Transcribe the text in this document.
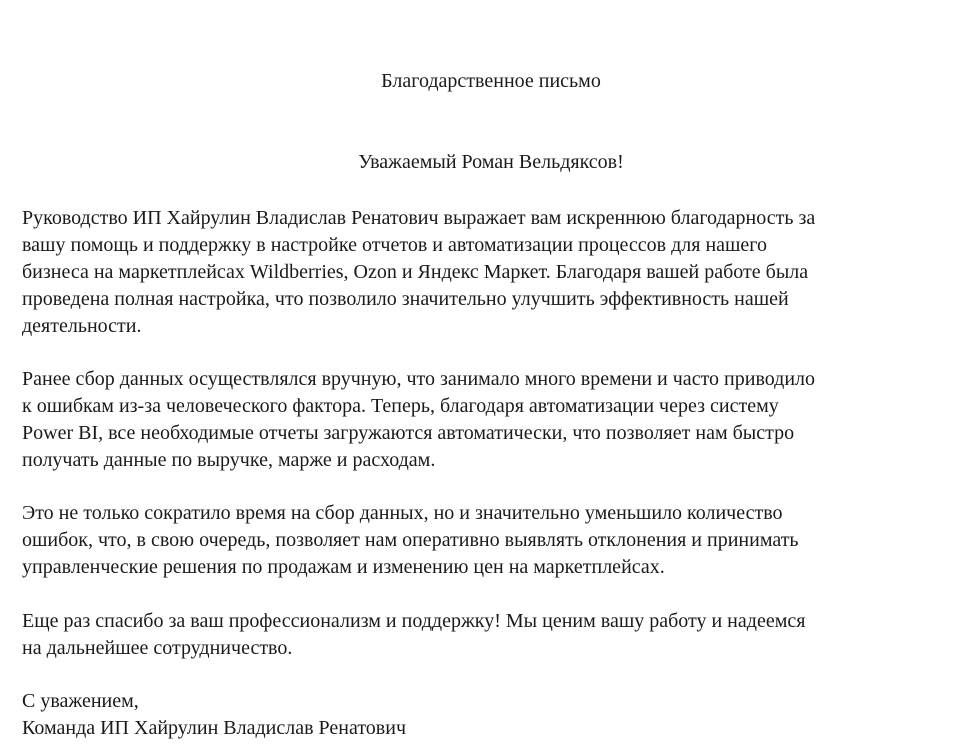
Благодарственное письмо

Уважаемый Роман Вельдяксов!

Руководство ИП Хайрулин Владислав Ренатович выражает вам искреннюю благодарность за
вашу помощь и поддержку в настройке отчетов и автоматизации процессов для нашего
бизнеса на маркетплейсах Wildberries, Ozon и Яндекс Маркет. Благодаря вашей работе была
проведена полная настройка, что позволило значительно улучшить эффективность нашей
деятельности.

Ранее сбор данных осуществлялся вручную, что занимало много времени и часто приводило
к ошибкам из-за человеческого фактора. Теперь, благодаря автоматизации через систему
Power BI, все необходимые отчеты загружаются автоматически, что позволяет нам быстро
получать данные по выручке, марже и расходам.

Это не только сократило время на сбор данных, но и значительно уменьшило количество
ошибок, что, в свою очередь, позволяет нам оперативно выявлять отклонения и принимать
управленческие решения по продажам и изменению цен на маркетплейсах.

Еще раз спасибо за ваш профессионализм и поддержку! Мы ценим вашу работу и надеемся
на дальнейшее сотрудничество.

С уважением,
Команда ИП Хайрулин Владислав Ренатович
